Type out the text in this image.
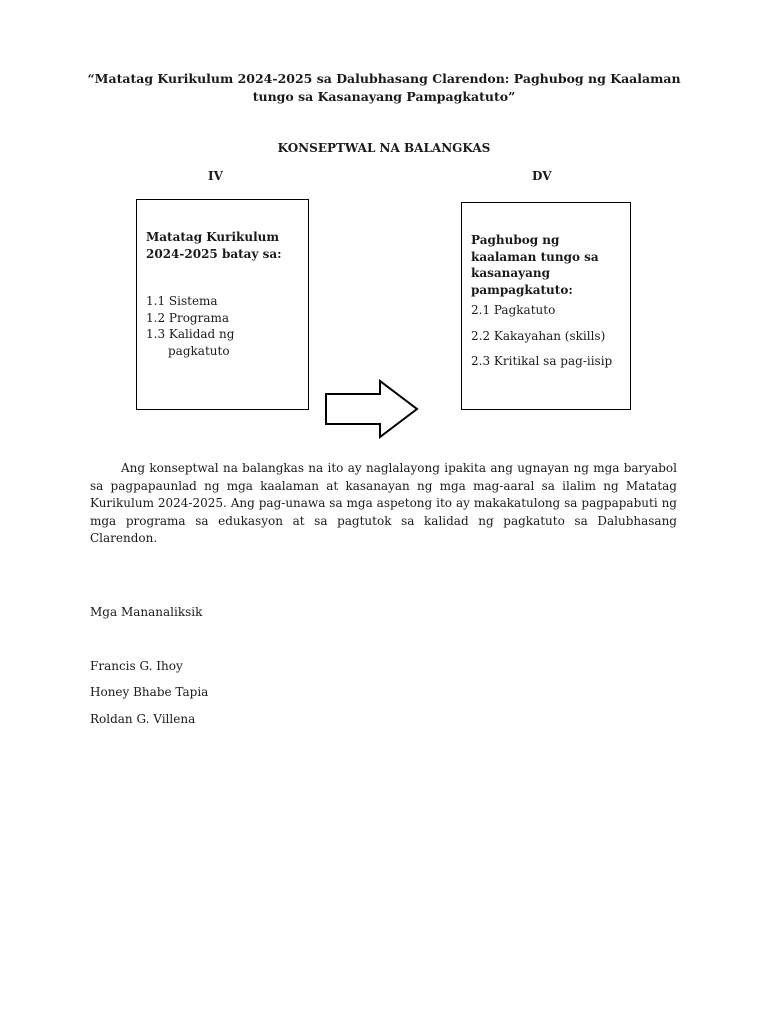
“Matatag Kurikulum 2024-2025 sa Dalubhasang Clarendon: Paghubog ng Kaalaman tungo sa Kasanayang Pampagkatuto”
KONSEPTWAL NA BALANGKAS
IV	DV
Matatag Kurikulum 2024-2025 batay sa:
1.1 Sistema
1.2 Programa
1.3 Kalidad ng
pagkatuto
Paghubog ng kaalaman tungo sa kasanayang pampagkatuto:
2.1 Pagkatuto
2.2 Kakayahan (skills)
2.3 Kritikal sa pag-iisip

Ang konseptwal na balangkas na ito ay naglalayong ipakita ang ugnayan ng mga baryabol sa pagpapaunlad ng mga kaalaman at kasanayan ng mga mag-aaral sa ilalim ng Matatag Kurikulum 2024-2025. Ang pag-unawa sa mga aspetong ito ay makakatulong sa pagpapabuti ng mga programa sa edukasyon at sa pagtutok sa kalidad ng pagkatuto sa Dalubhasang Clarendon.

Mga Mananaliksik
Francis G. Ihoy
Honey Bhabe Tapia
Roldan G. Villena
